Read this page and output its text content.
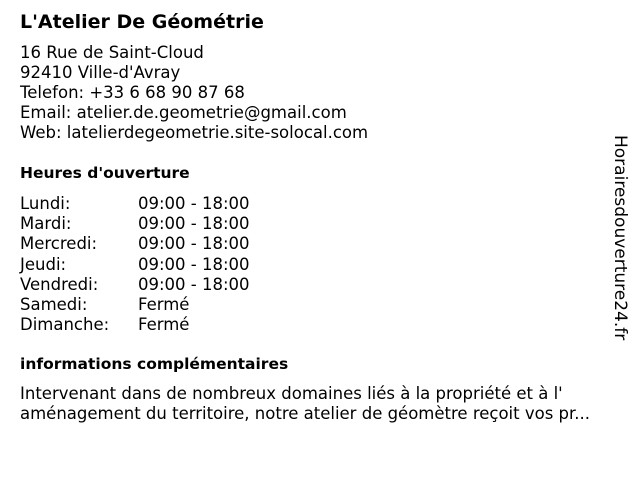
L'Atelier De Géométrie
16 Rue de Saint-Cloud
92410 Ville-d'Avray
Telefon: +33 6 68 90 87 68
Email: atelier.de.geometrie@gmail.com
Web: latelierdegeometrie.site-solocal.com
Heures d'ouverture
Lundi:	09:00 - 18:00
Mardi:	09:00 - 18:00
Mercredi: 09:00 - 18:00
Jeudi:	09:00 - 18:00
Vendredi: 09:00 - 18:00
Samedi:	Fermé
Dimanche: Fermé
informations complémentaires
Intervenant dans de nombreux domaines liés à la propriété et à l'
aménagement du territoire, notre atelier de géomètre reçoit vos pr...
Horairesdouverture24.fr
